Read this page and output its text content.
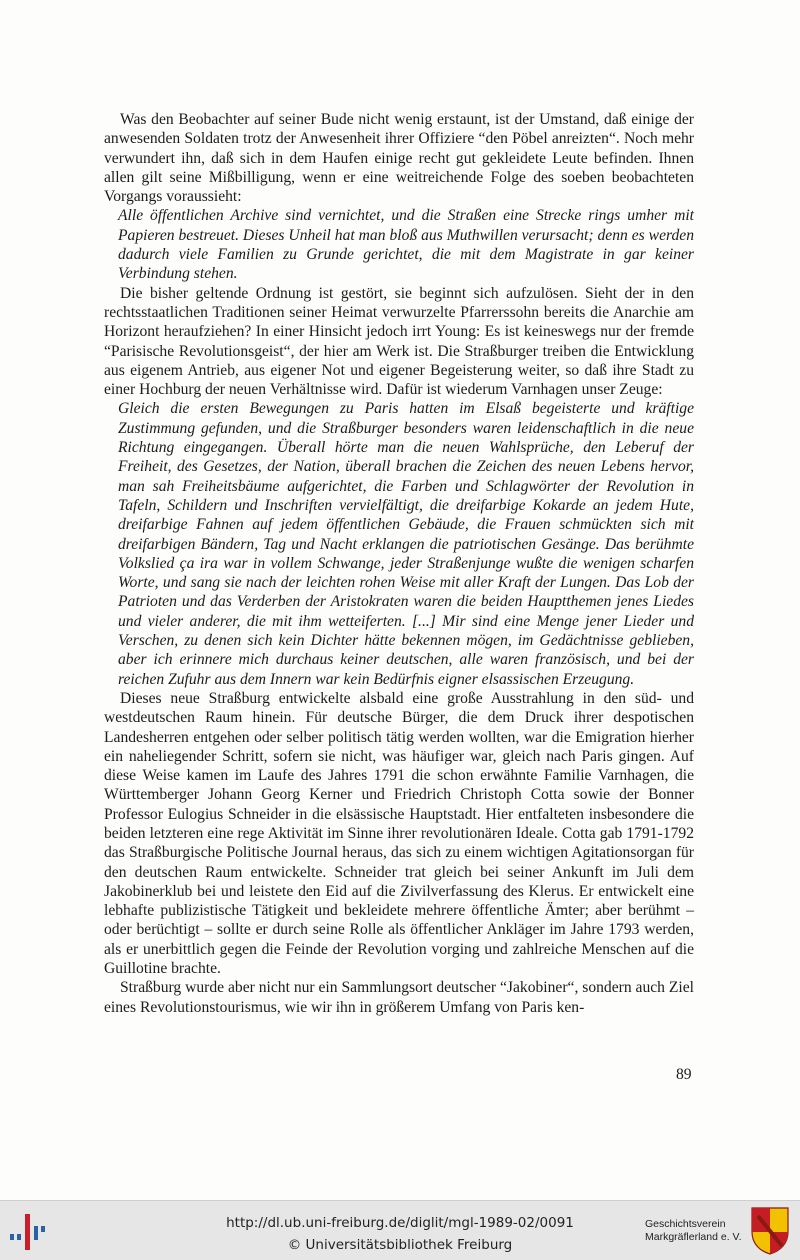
Was den Beobachter auf seiner Bude nicht wenig erstaunt, ist der Umstand, daß einige der anwesenden Soldaten trotz der Anwesenheit ihrer Offiziere “den Pöbel anreizten“. Noch mehr verwundert ihn, daß sich in dem Haufen einige recht gut gekleidete Leute befinden. Ihnen allen gilt seine Mißbilligung, wenn er eine weitreichende Folge des soeben beobachteten Vorgangs voraussieht:

Alle öffentlichen Archive sind vernichtet, und die Straßen eine Strecke rings umher mit Papieren bestreuet. Dieses Unheil hat man bloß aus Muthwillen verursacht; denn es werden dadurch viele Familien zu Grunde gerichtet, die mit dem Magistrate in gar keiner Verbindung stehen.

Die bisher geltende Ordnung ist gestört, sie beginnt sich aufzulösen. Sieht der in den rechtsstaatlichen Traditionen seiner Heimat verwurzelte Pfarrerssohn bereits die Anarchie am Horizont heraufziehen? In einer Hinsicht jedoch irrt Young: Es ist keineswegs nur der fremde “Parisische Revolutionsgeist“, der hier am Werk ist. Die Straßburger treiben die Entwicklung aus eigenem Antrieb, aus eigener Not und eigener Begeisterung weiter, so daß ihre Stadt zu einer Hochburg der neuen Verhältnisse wird. Dafür ist wiederum Varnhagen unser Zeuge:

Gleich die ersten Bewegungen zu Paris hatten im Elsaß begeisterte und kräftige Zustimmung gefunden, und die Straßburger besonders waren leidenschaftlich in die neue Richtung eingegangen. Überall hörte man die neuen Wahlsprüche, den Leberuf der Freiheit, des Gesetzes, der Nation, überall brachen die Zeichen des neuen Lebens hervor, man sah Freiheitsbäume aufgerichtet, die Farben und Schlagwörter der Revolution in Tafeln, Schildern und Inschriften vervielfältigt, die dreifarbige Kokarde an jedem Hute, dreifarbige Fahnen auf jedem öffentlichen Gebäude, die Frauen schmückten sich mit dreifarbigen Bändern, Tag und Nacht erklangen die patriotischen Gesänge. Das berühmte Volkslied ça ira war in vollem Schwange, jeder Straßenjunge wußte die wenigen scharfen Worte, und sang sie nach der leichten rohen Weise mit aller Kraft der Lungen. Das Lob der Patrioten und das Verderben der Aristokraten waren die beiden Hauptthemen jenes Liedes und vieler anderer, die mit ihm wetteiferten. [...] Mir sind eine Menge jener Lieder und Verschen, zu denen sich kein Dichter hätte bekennen mögen, im Gedächtnisse geblieben, aber ich erinnere mich durchaus keiner deutschen, alle waren französisch, und bei der reichen Zufuhr aus dem Innern war kein Bedürfnis eigner elsassischen Erzeugung.

Dieses neue Straßburg entwickelte alsbald eine große Ausstrahlung in den süd- und westdeutschen Raum hinein. Für deutsche Bürger, die dem Druck ihrer despotischen Landesherren entgehen oder selber politisch tätig werden wollten, war die Emigration hierher ein naheliegender Schritt, sofern sie nicht, was häufiger war, gleich nach Paris gingen. Auf diese Weise kamen im Laufe des Jahres 1791 die schon erwähnte Familie Varnhagen, die Württemberger Johann Georg Kerner und Friedrich Christoph Cotta sowie der Bonner Professor Eulogius Schneider in die elsässische Hauptstadt. Hier entfalteten insbesondere die beiden letzteren eine rege Aktivität im Sinne ihrer revolutionären Ideale. Cotta gab 1791-1792 das Straßburgische Politische Journal heraus, das sich zu einem wichtigen Agitationsorgan für den deutschen Raum entwickelte. Schneider trat gleich bei seiner Ankunft im Juli dem Jakobinerklub bei und leistete den Eid auf die Zivilverfassung des Klerus. Er entwickelt eine lebhafte publizistische Tätigkeit und bekleidete mehrere öffentliche Ämter; aber berühmt – oder berüchtigt – sollte er durch seine Rolle als öffentlicher Ankläger im Jahre 1793 werden, als er unerbittlich gegen die Feinde der Revolution vorging und zahlreiche Menschen auf die Guillotine brachte.

Straßburg wurde aber nicht nur ein Sammlungsort deutscher “Jakobiner“, sondern auch Ziel eines Revolutionstourismus, wie wir ihn in größerem Umfang von Paris ken-

89
http://dl.ub.uni-freiburg.de/diglit/mgl-1989-02/0091
© Universitätsbibliothek Freiburg
Geschichtsverein
Markgräflerland e. V.
